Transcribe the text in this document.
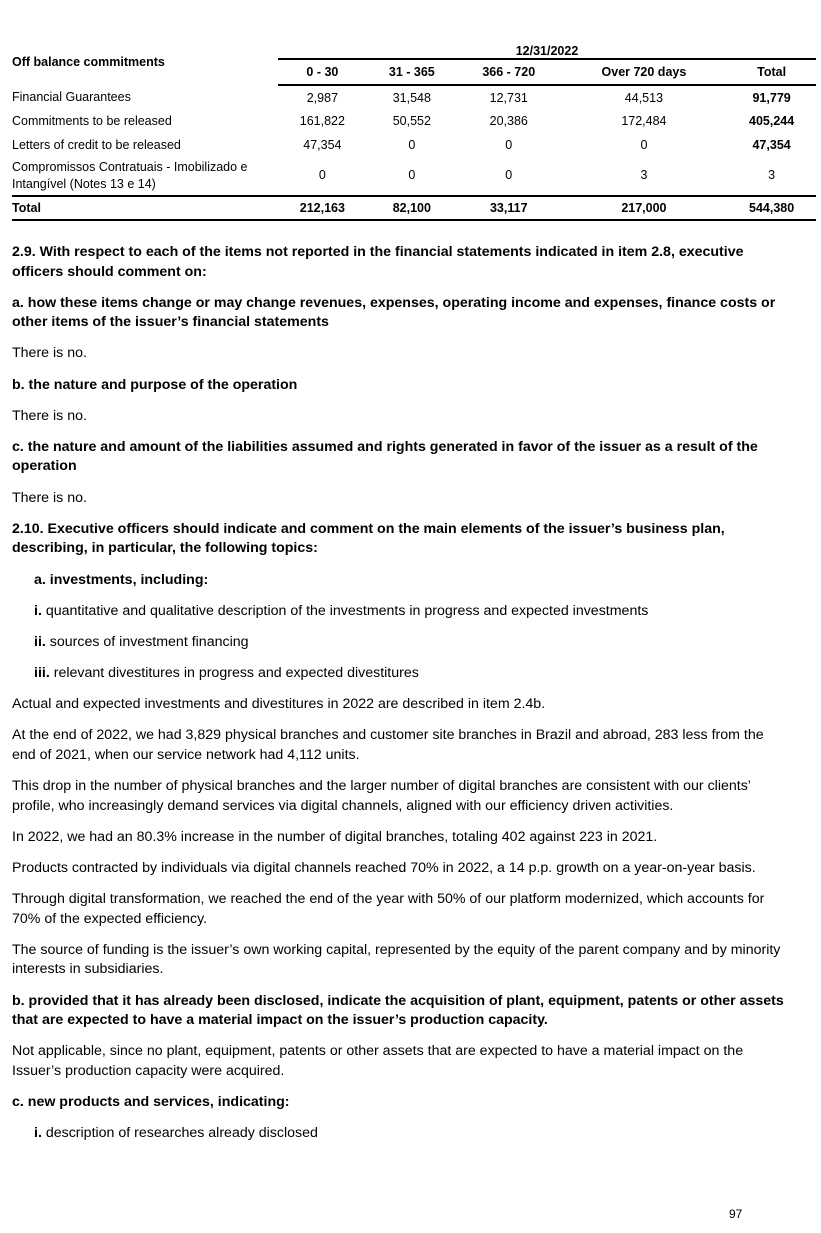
Off balance commitments	12/31/2022				
	0 - 30	31 - 365	366 - 720	Over 720 days	Total
Financial Guarantees	2,987	31,548	12,731	44,513	91,779
Commitments to be released	161,822	50,552	20,386	172,484	405,244
Letters of credit to be released	47,354	0	0	0	47,354
Compromissos Contratuais - Imobilizado e Intangível (Notes 13 e 14)	0	0	0	3	3
Total	212,163	82,100	33,117	217,000	544,380

2.9. With respect to each of the items not reported in the financial statements indicated in item 2.8, executive officers should comment on:

a. how these items change or may change revenues, expenses, operating income and expenses, finance costs or other items of the issuer’s financial statements

There is no.

b. the nature and purpose of the operation

There is no.

c. the nature and amount of the liabilities assumed and rights generated in favor of the issuer as a result of the operation

There is no.

2.10. Executive officers should indicate and comment on the main elements of the issuer’s business plan, describing, in particular, the following topics:

a. investments, including:

i. quantitative and qualitative description of the investments in progress and expected investments

ii. sources of investment financing

iii. relevant divestitures in progress and expected divestitures

Actual and expected investments and divestitures in 2022 are described in item 2.4b.

At the end of 2022, we had 3,829 physical branches and customer site branches in Brazil and abroad, 283 less from the end of 2021, when our service network had 4,112 units.

This drop in the number of physical branches and the larger number of digital branches are consistent with our clients’ profile, who increasingly demand services via digital channels, aligned with our efficiency driven activities.

In 2022, we had an 80.3% increase in the number of digital branches, totaling 402 against 223 in 2021.

Products contracted by individuals via digital channels reached 70% in 2022, a 14 p.p. growth on a year-on-year basis.

Through digital transformation, we reached the end of the year with 50% of our platform modernized, which accounts for 70% of the expected efficiency.

The source of funding is the issuer’s own working capital, represented by the equity of the parent company and by minority interests in subsidiaries.

b. provided that it has already been disclosed, indicate the acquisition of plant, equipment, patents or other assets that are expected to have a material impact on the issuer’s production capacity.

Not applicable, since no plant, equipment, patents or other assets that are expected to have a material impact on the Issuer’s production capacity were acquired.

c. new products and services, indicating:

i. description of researches already disclosed

97
